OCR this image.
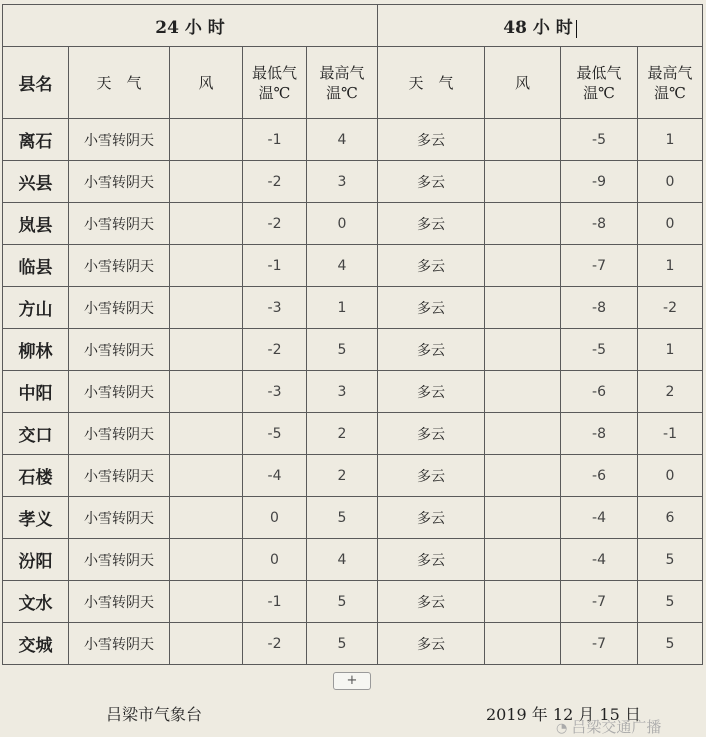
24 小 时					48 小 时			
县名	天　气	风	最低气温℃	最高气温℃	天　气	风	最低气温℃	最高气温℃
离石	小雪转阴天		-1	4	多云		-5	1
兴县	小雪转阴天		-2	3	多云		-9	0
岚县	小雪转阴天		-2	0	多云		-8	0
临县	小雪转阴天		-1	4	多云		-7	1
方山	小雪转阴天		-3	1	多云		-8	-2
柳林	小雪转阴天		-2	5	多云		-5	1
中阳	小雪转阴天		-3	3	多云		-6	2
交口	小雪转阴天		-5	2	多云		-8	-1
石楼	小雪转阴天		-4	2	多云		-6	0
孝义	小雪转阴天		0	5	多云		-4	6
汾阳	小雪转阴天		0	4	多云		-4	5
文水	小雪转阴天		-1	5	多云		-7	5
交城	小雪转阴天		-2	5	多云		-7	5
+
吕梁市气象台	2019 年 12 月 15 日
◔ 吕梁交通广播
